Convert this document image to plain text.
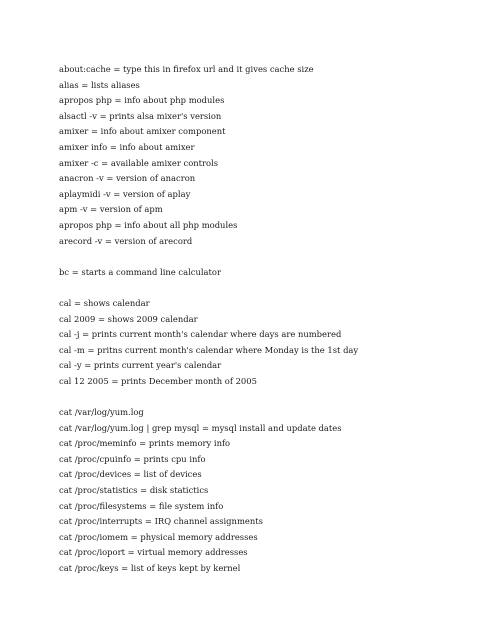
about:cache = type this in firefox url and it gives cache size

alias = lists aliases

apropos php = info about php modules

alsactl -v = prints alsa mixer's version

amixer = info about amixer component

amixer info = info about amixer

amixer -c = available amixer controls

anacron -v = version of anacron

aplaymidi -v = version of aplay

apm -v = version of apm

apropos php = info about all php modules

arecord -v = version of arecord

bc = starts a command line calculator

cal = shows calendar

cal 2009 = shows 2009 calendar

cal -j = prints current month's calendar where days are numbered

cal -m = pritns current month's calendar where Monday is the 1st day

cal -y = prints current year's calendar

cal 12 2005 = prints December month of 2005

cat /var/log/yum.log

cat /var/log/yum.log | grep mysql = mysql install and update dates

cat /proc/meminfo = prints memory info

cat /proc/cpuinfo = prints cpu info

cat /proc/devices = list of devices

cat /proc/statistics = disk statictics

cat /proc/filesystems = file system info

cat /proc/interrupts = IRQ channel assignments

cat /proc/iomem = physical memory addresses

cat /proc/ioport = virtual memory addresses

cat /proc/keys = list of keys kept by kernel
